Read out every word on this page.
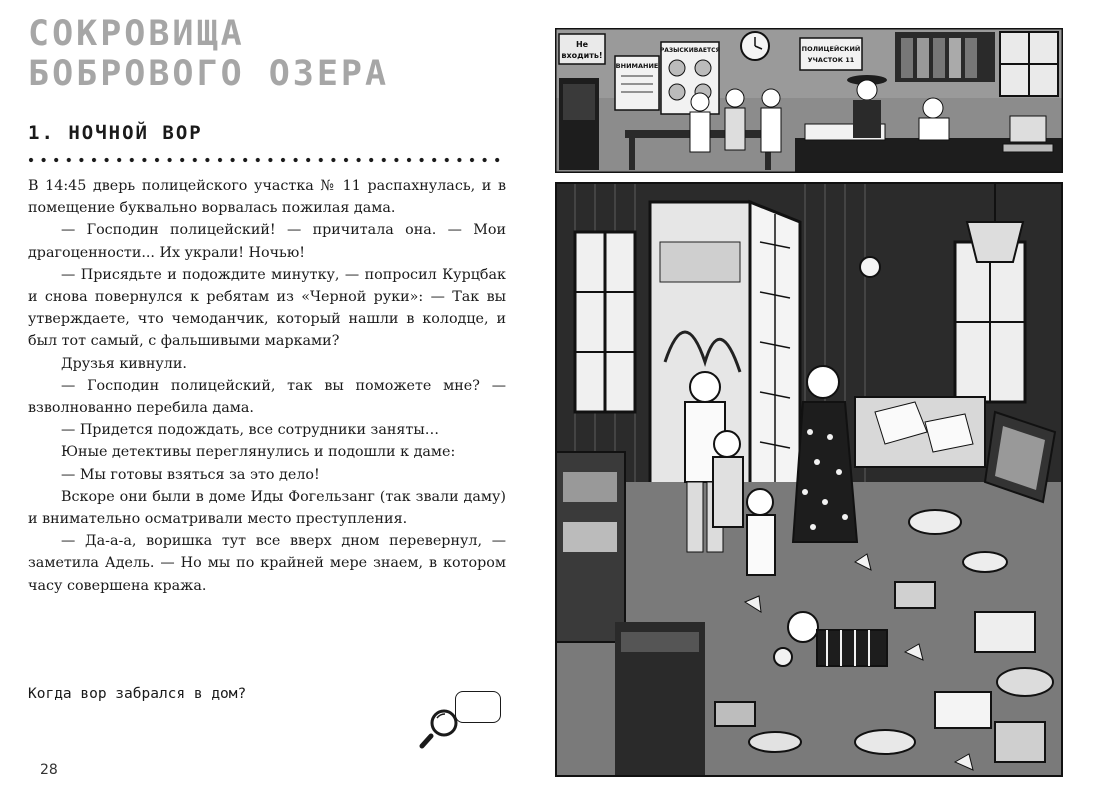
СОКРОВИЩА
БОБРОВОГО ОЗЕРА
1. НОЧНОЙ ВОР

В 14:45 дверь полицейского участка № 11 распахнулась, и в помещение буквально ворвалась пожилая дама.

— Господин полицейский! — причитала она. — Мои драгоценности... Их украли! Ночью!

— Присядьте и подождите минутку, — попросил Курцбак и снова повернулся к ребятам из «Черной руки»: — Так вы утверждаете, что чемоданчик, который нашли в колодце, и был тот самый, с фальшивыми марками?

Друзья кивнули.

— Господин полицейский, так вы поможете мне? — взволнованно перебила дама.

— Придется подождать, все сотрудники заняты…

Юные детективы переглянулись и подошли к даме:

— Мы готовы взяться за это дело!

Вскоре они были в доме Иды Фогельзанг (так звали даму) и внимательно осматривали место преступления.

— Да-а-а, воришка тут все вверх дном перевернул, — заметила Адель. — Но мы по крайней мере знаем, в котором часу совершена кража.

Когда вор забрался в дом?
28
Не
входить!
ВНИМАНИЕ
РАЗЫСКИВАЕТСЯ	ПОЛИЦЕЙСКИЙ
УЧАСТОК 11
